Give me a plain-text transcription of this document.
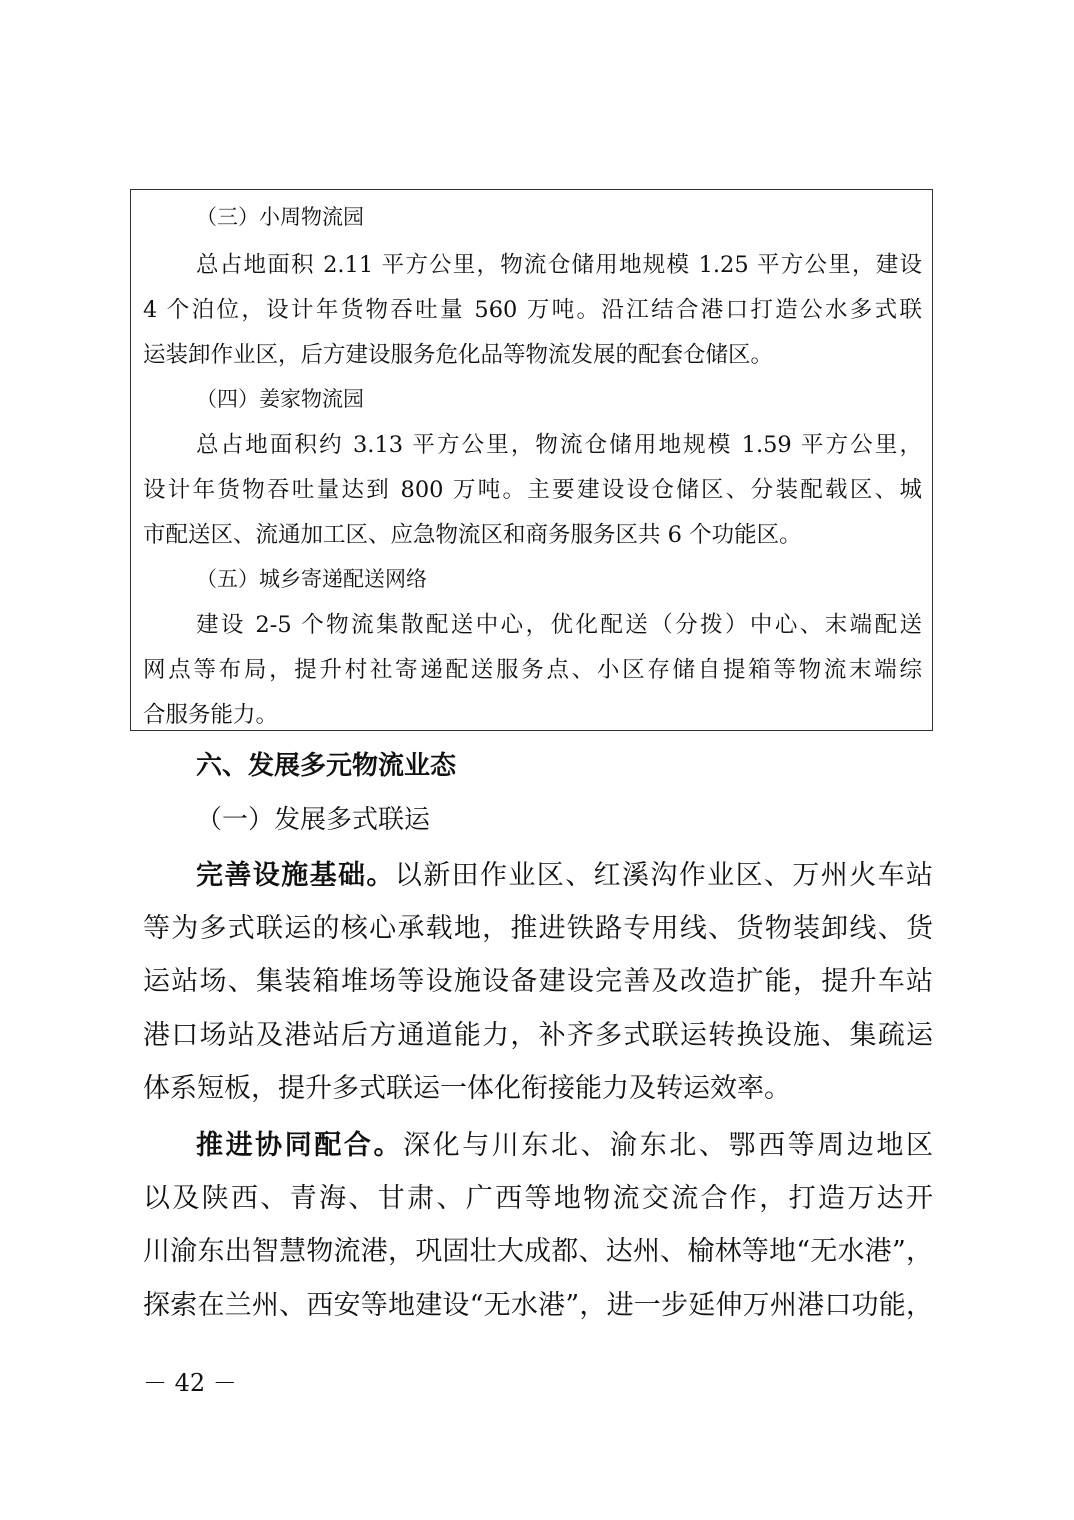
（三）小周物流园
总占地面积 2.11 平方公里，物流仓储用地规模 1.25 平方公里，建设
4 个泊位，设计年货物吞吐量 560 万吨。沿江结合港口打造公水多式联
运装卸作业区，后方建设服务危化品等物流发展的配套仓储区。
（四）姜家物流园
总占地面积约 3.13 平方公里，物流仓储用地规模 1.59 平方公里，
设计年货物吞吐量达到 800 万吨。主要建设设仓储区、分装配载区、城
市配送区、流通加工区、应急物流区和商务服务区共 6 个功能区。
（五）城乡寄递配送网络
建设 2-5 个物流集散配送中心，优化配送（分拨）中心、末端配送
网点等布局，提升村社寄递配送服务点、小区存储自提箱等物流末端综
合服务能力。
六、发展多元物流业态
（一）发展多式联运
完善设施基础。以新田作业区、红溪沟作业区、万州火车站
等为多式联运的核心承载地，推进铁路专用线、货物装卸线、货
运站场、集装箱堆场等设施设备建设完善及改造扩能，提升车站
港口场站及港站后方通道能力，补齐多式联运转换设施、集疏运
体系短板，提升多式联运一体化衔接能力及转运效率。
推进协同配合。深化与川东北、渝东北、鄂西等周边地区
以及陕西、青海、甘肃、广西等地物流交流合作，打造万达开
川渝东出智慧物流港，巩固壮大成都、达州、榆林等地“无水港”，
探索在兰州、西安等地建设“无水港”，进一步延伸万州港口功能，
－ 42 －
